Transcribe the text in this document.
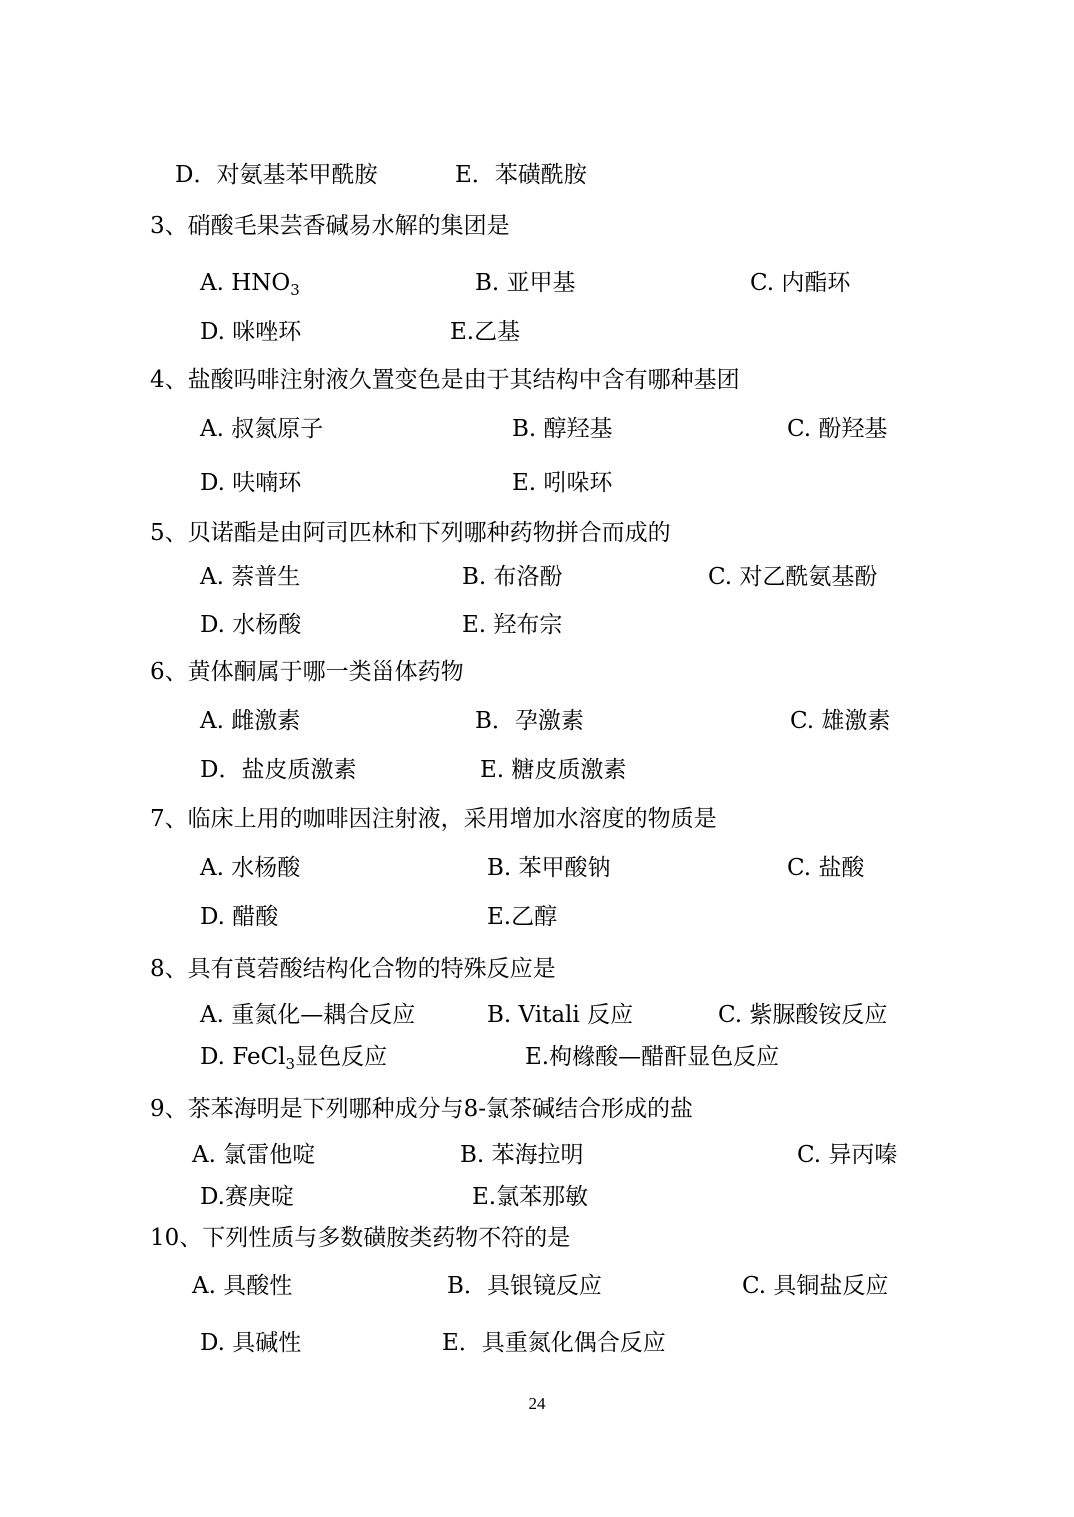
D．对氨基苯甲酰胺	E．苯磺酰胺
3、硝酸毛果芸香碱易水解的集团是
A. $HNO_3$	B. 亚甲基	C. 内酯环
D. 咪唑环	E.乙基
4、盐酸吗啡注射液久置变色是由于其结构中含有哪种基团
A. 叔氮原子	B. 醇羟基	C. 酚羟基
D. 呋喃环	E. 吲哚环
5、贝诺酯是由阿司匹林和下列哪种药物拼合而成的
A. 萘普生	B. 布洛酚	C. 对乙酰氨基酚
D. 水杨酸	E. 羟布宗
6、黄体酮属于哪一类甾体药物
A. 雌激素	B．孕激素	C. 雄激素
D．盐皮质激素	E. 糖皮质激素
7、临床上用的咖啡因注射液，采用增加水溶度的物质是
A. 水杨酸	B. 苯甲酸钠	C. 盐酸
D. 醋酸	E.乙醇
8、具有莨菪酸结构化合物的特殊反应是
A. 重氮化—耦合反应	B. Vitali 反应	C. 紫脲酸铵反应
D. FeCl$_3$显色反应	E.枸橼酸—醋酐显色反应
9、茶苯海明是下列哪种成分与8-氯茶碱结合形成的盐
A. 氯雷他啶	B. 苯海拉明	C. 异丙嗪
D.赛庚啶	E.氯苯那敏
10、下列性质与多数磺胺类药物不符的是
A. 具酸性	B．具银镜反应	C. 具铜盐反应
D. 具碱性	E．具重氮化偶合反应
24
